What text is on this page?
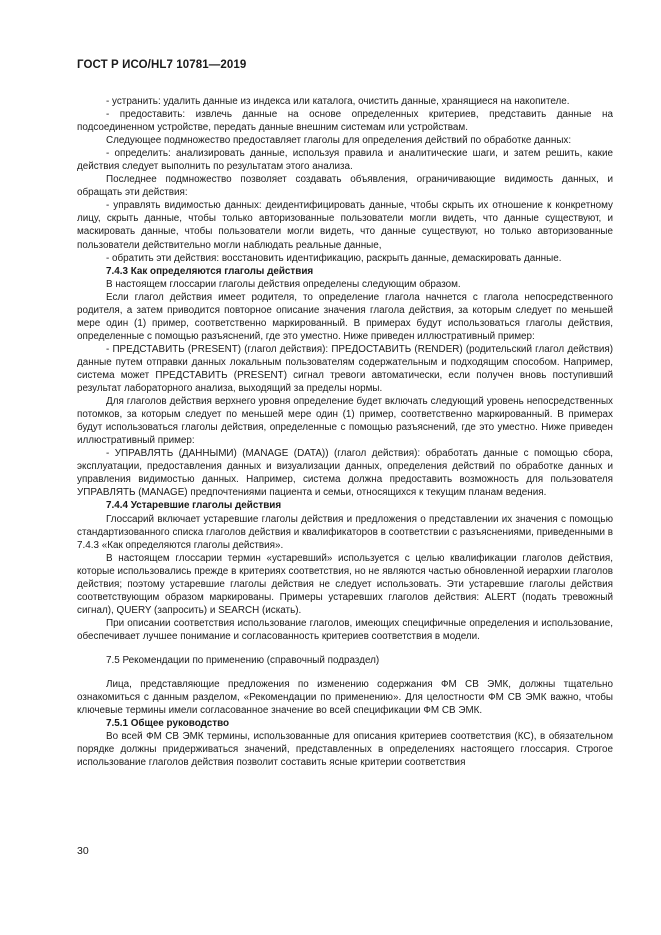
ГОСТ Р ИСО/HL7 10781—2019

- устранить: удалить данные из индекса или каталога, очистить данные, хранящиеся на накопителе.

- предоставить: извлечь данные на основе определенных критериев, представить данные на подсоединенном устройстве, передать данные внешним системам или устройствам.

Следующее подмножество предоставляет глаголы для определения действий по обработке данных:

- определить: анализировать данные, используя правила и аналитические шаги, и затем решить, какие действия следует выполнить по результатам этого анализа.

Последнее подмножество позволяет создавать объявления, ограничивающие видимость данных, и обращать эти действия:

- управлять видимостью данных: деидентифицировать данные, чтобы скрыть их отношение к конкретному лицу, скрыть данные, чтобы только авторизованные пользователи могли видеть, что данные существуют, и маскировать данные, чтобы пользователи могли видеть, что данные существуют, но только авторизованные пользователи действительно могли наблюдать реальные данные,

- обратить эти действия: восстановить идентификацию, раскрыть данные, демаскировать данные.

7.4.3 Как определяются глаголы действия

В настоящем глоссарии глаголы действия определены следующим образом.

Если глагол действия имеет родителя, то определение глагола начнется с глагола непосредственного родителя, а затем приводится повторное описание значения глагола действия, за которым следует по меньшей мере один (1) пример, соответственно маркированный. В примерах будут использоваться глаголы действия, определенные с помощью разъяснений, где это уместно. Ниже приведен иллюстративный пример:

- ПРЕДСТАВИТЬ (PRESENT) (глагол действия): ПРЕДОСТАВИТЬ (RENDER) (родительский глагол действия) данные путем отправки данных локальным пользователям содержательным и подходящим способом. Например, система может ПРЕДСТАВИТЬ (PRESENT) сигнал тревоги автоматически, если получен вновь поступивший результат лабораторного анализа, выходящий за пределы нормы.

Для глаголов действия верхнего уровня определение будет включать следующий уровень непосредственных потомков, за которым следует по меньшей мере один (1) пример, соответственно маркированный. В примерах будут использоваться глаголы действия, определенные с помощью разъяснений, где это уместно. Ниже приведен иллюстративный пример:

- УПРАВЛЯТЬ (ДАННЫМИ) (MANAGE (DATA)) (глагол действия): обработать данные с помощью сбора, эксплуатации, предоставления данных и визуализации данных, определения действий по обработке данных и управления видимостью данных. Например, система должна предоставить возможность для пользователя УПРАВЛЯТЬ (MANAGE) предпочтениями пациента и семьи, относящихся к текущим планам ведения.

7.4.4 Устаревшие глаголы действия

Глоссарий включает устаревшие глаголы действия и предложения о представлении их значения с помощью стандартизованного списка глаголов действия и квалификаторов в соответствии с разъяснениями, приведенными в 7.4.3 «Как определяются глаголы действия».

В настоящем глоссарии термин «устаревший» используется с целью квалификации глаголов действия, которые использовались прежде в критериях соответствия, но не являются частью обновленной иерархии глаголов действия; поэтому устаревшие глаголы действия не следует использовать. Эти устаревшие глаголы действия соответствующим образом маркированы. Примеры устаревших глаголов действия: ALERT (подать тревожный сигнал), QUERY (запросить) и SEARCH (искать).

При описании соответствия использование глаголов, имеющих специфичные определения и использование, обеспечивает лучшее понимание и согласованность критериев соответствия в модели.

7.5 Рекомендации по применению (справочный подраздел)

Лица, представляющие предложения по изменению содержания ФМ СВ ЭМК, должны тщательно ознакомиться с данным разделом, «Рекомендации по применению». Для целостности ФМ СВ ЭМК важно, чтобы ключевые термины имели согласованное значение во всей спецификации ФМ СВ ЭМК.

7.5.1 Общее руководство

Во всей ФМ СВ ЭМК термины, использованные для описания критериев соответствия (КС), в обязательном порядке должны придерживаться значений, представленных в определениях настоящего глоссария. Строгое использование глаголов действия позволит составить ясные критерии соответствия

30
